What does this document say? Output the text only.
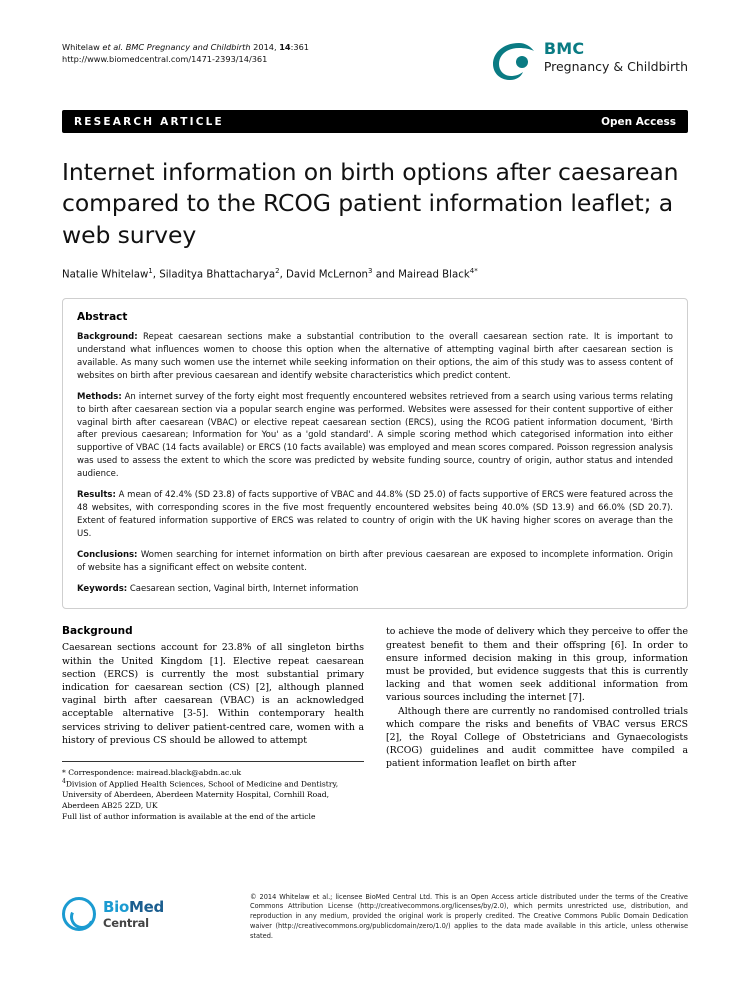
Whitelaw et al. BMC Pregnancy and Childbirth 2014, 14:361
http://www.biomedcentral.com/1471-2393/14/361
BMC
Pregnancy & Childbirth
RESEARCH ARTICLE	Open Access
Internet information on birth options after caesarean compared to the RCOG patient information leaflet; a web survey
Natalie Whitelaw$^1$, Siladitya Bhattacharya$^2$, David McLernon$^3$ and Mairead Black$^{4*}$
Abstract

Background: Repeat caesarean sections make a substantial contribution to the overall caesarean section rate. It is important to understand what influences women to choose this option when the alternative of attempting vaginal birth after caesarean section is available. As many such women use the internet while seeking information on their options, the aim of this study was to assess content of websites on birth after previous caesarean and identify website characteristics which predict content.

Methods: An internet survey of the forty eight most frequently encountered websites retrieved from a search using various terms relating to birth after caesarean section via a popular search engine was performed. Websites were assessed for their content supportive of either vaginal birth after caesarean (VBAC) or elective repeat caesarean section (ERCS), using the RCOG patient information document, 'Birth after previous caesarean; Information for You' as a 'gold standard'. A simple scoring method which categorised information into either supportive of VBAC (14 facts available) or ERCS (10 facts available) was employed and mean scores compared. Poisson regression analysis was used to assess the extent to which the score was predicted by website funding source, country of origin, author status and intended audience.

Results: A mean of 42.4% (SD 23.8) of facts supportive of VBAC and 44.8% (SD 25.0) of facts supportive of ERCS were featured across the 48 websites, with corresponding scores in the five most frequently encountered websites being 40.0% (SD 13.9) and 66.0% (SD 20.7). Extent of featured information supportive of ERCS was related to country of origin with the UK having higher scores on average than the US.

Conclusions: Women searching for internet information on birth after previous caesarean are exposed to incomplete information. Origin of website has a significant effect on website content.

Keywords: Caesarean section, Vaginal birth, Internet information

Background

Caesarean sections account for 23.8% of all singleton births within the United Kingdom [1]. Elective repeat caesarean section (ERCS) is currently the most substantial primary indication for caesarean section (CS) [2], although planned vaginal birth after caesarean (VBAC) is an acknowledged acceptable alternative [3-5]. Within contemporary health services striving to deliver patient-centred care, women with a history of previous CS should be allowed to attempt

* Correspondence: mairead.black@abdn.ac.uk
$^4$Division of Applied Health Sciences, School of Medicine and Dentistry, University of Aberdeen, Aberdeen Maternity Hospital, Cornhill Road, Aberdeen AB25 2ZD, UK
Full list of author information is available at the end of the article

to achieve the mode of delivery which they perceive to offer the greatest benefit to them and their offspring [6]. In order to ensure informed decision making in this group, information must be provided, but evidence suggests that this is currently lacking and that women seek additional information from various sources including the internet [7].

Although there are currently no randomised controlled trials which compare the risks and benefits of VBAC versus ERCS [2], the Royal College of Obstetricians and Gynaecologists (RCOG) guidelines and audit committee have compiled a patient information leaflet on birth after

BioMed
Central
© 2014 Whitelaw et al.; licensee BioMed Central Ltd. This is an Open Access article distributed under the terms of the Creative Commons Attribution License (http://creativecommons.org/licenses/by/2.0), which permits unrestricted use, distribution, and reproduction in any medium, provided the original work is properly credited. The Creative Commons Public Domain Dedication waiver (http://creativecommons.org/publicdomain/zero/1.0/) applies to the data made available in this article, unless otherwise stated.
